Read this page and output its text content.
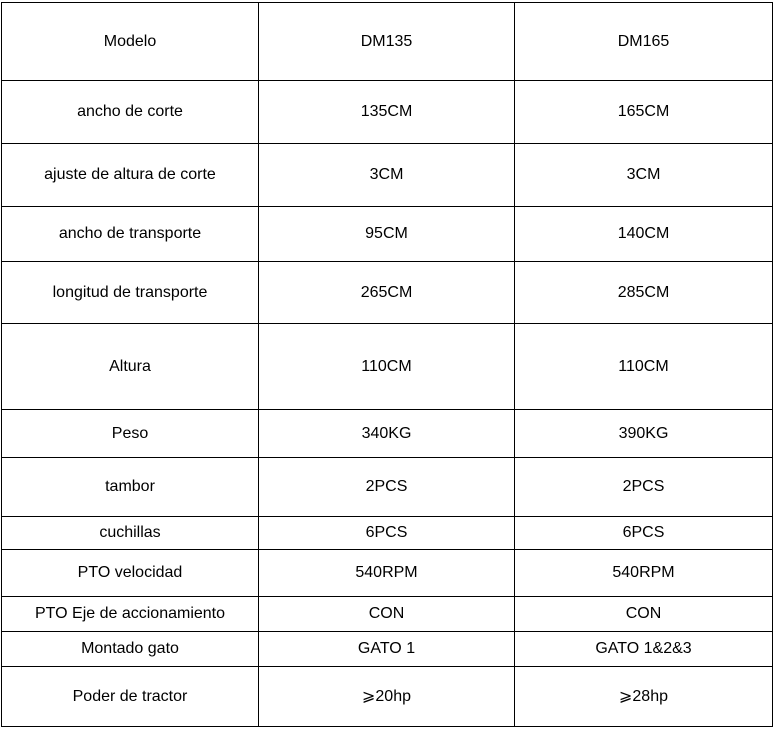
Modelo	DM135	DM165
ancho de corte	135CM	165CM
ajuste de altura de corte	3CM	3CM
ancho de transporte	95CM	140CM
longitud de transporte	265CM	285CM
Altura	110CM	110CM
Peso	340KG	390KG
tambor	2PCS	2PCS
cuchillas	6PCS	6PCS
PTO velocidad	540RPM	540RPM
PTO Eje de accionamiento	CON	CON
Montado gato	GATO 1	GATO 1&2&3
Poder de tractor	⩾20hp	⩾28hp
